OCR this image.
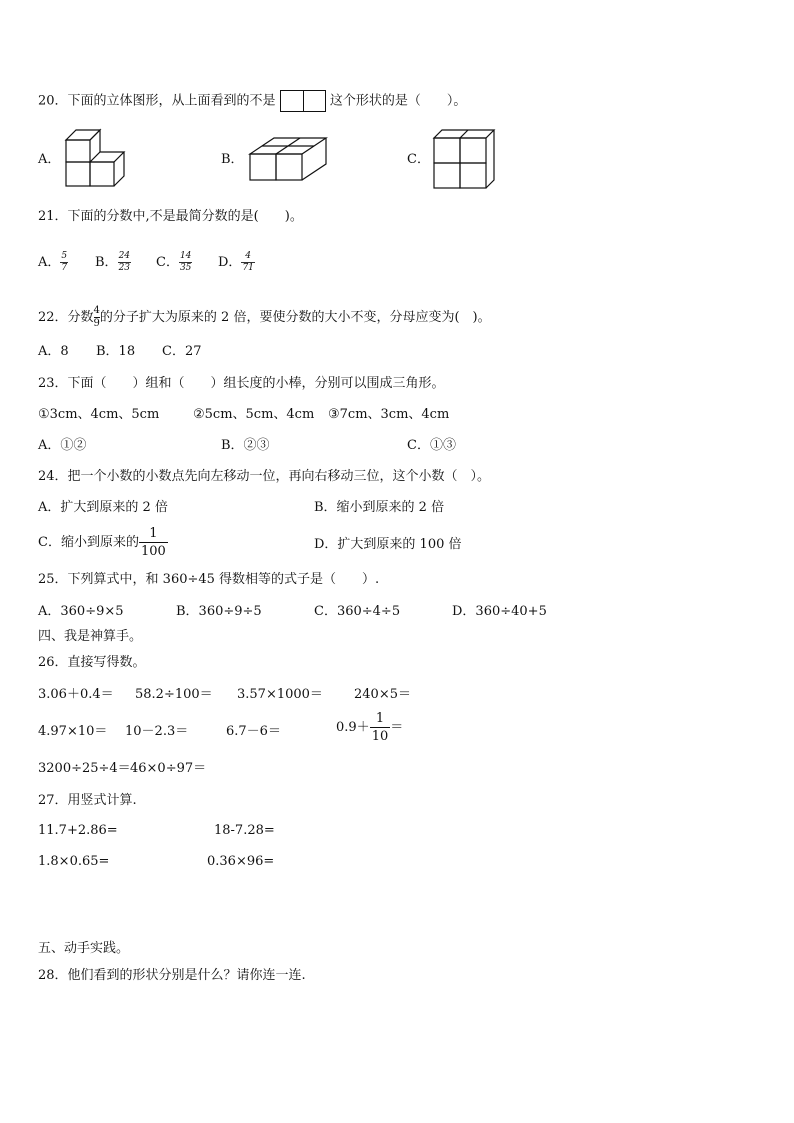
20．下面的立体图形，从上面看到的不是	这个形状的是（　　）。
A．	B．	C．
21．下面的分数中,不是最简分数的是(　　)。
A． $\frac{5}{7}$ B． $\frac{24}{23}$ C． $\frac{14}{35}$ D． $\frac{4}{71}$
22．分数 $\frac{4}{9}$ 的分子扩大为原来的 2 倍，要使分数的大小不变，分母应变为(　)。
A．8 B．18 C．27
23．下面（　　）组和（　　）组长度的小棒，分别可以围成三角形。
①3cm、4cm、5cm	②5cm、5cm、4cm ③7cm、3cm、4cm
A．①②	B．②③	C．①③
24．把一个小数的小数点先向左移动一位，再向右移动三位，这个小数（　）。
A．扩大到原来的 2 倍	B．缩小到原来的 2 倍
C．缩小到原来的 $\frac{1}{100}$	D．扩大到原来的 100 倍
25．下列算式中，和 360÷45 得数相等的式子是（　　）.
A．360÷9×5	B．360÷9÷5	C．360÷4÷5	D．360÷40+5
四、我是神算手。
26．直接写得数。
3.06＋0.4＝ 58.2÷100＝ 3.57×1000＝ 240×5＝
4.97×10＝ 10－2.3＝	6.7－6＝	$0.9+ \frac{1}{10}$ ＝
3200÷25÷4＝ 46×0÷97＝
27．用竖式计算.
11.7+2.86=	18-7.28=
1.8×0.65=	0.36×96=
五、动手实践。
28．他们看到的形状分别是什么？请你连一连.
